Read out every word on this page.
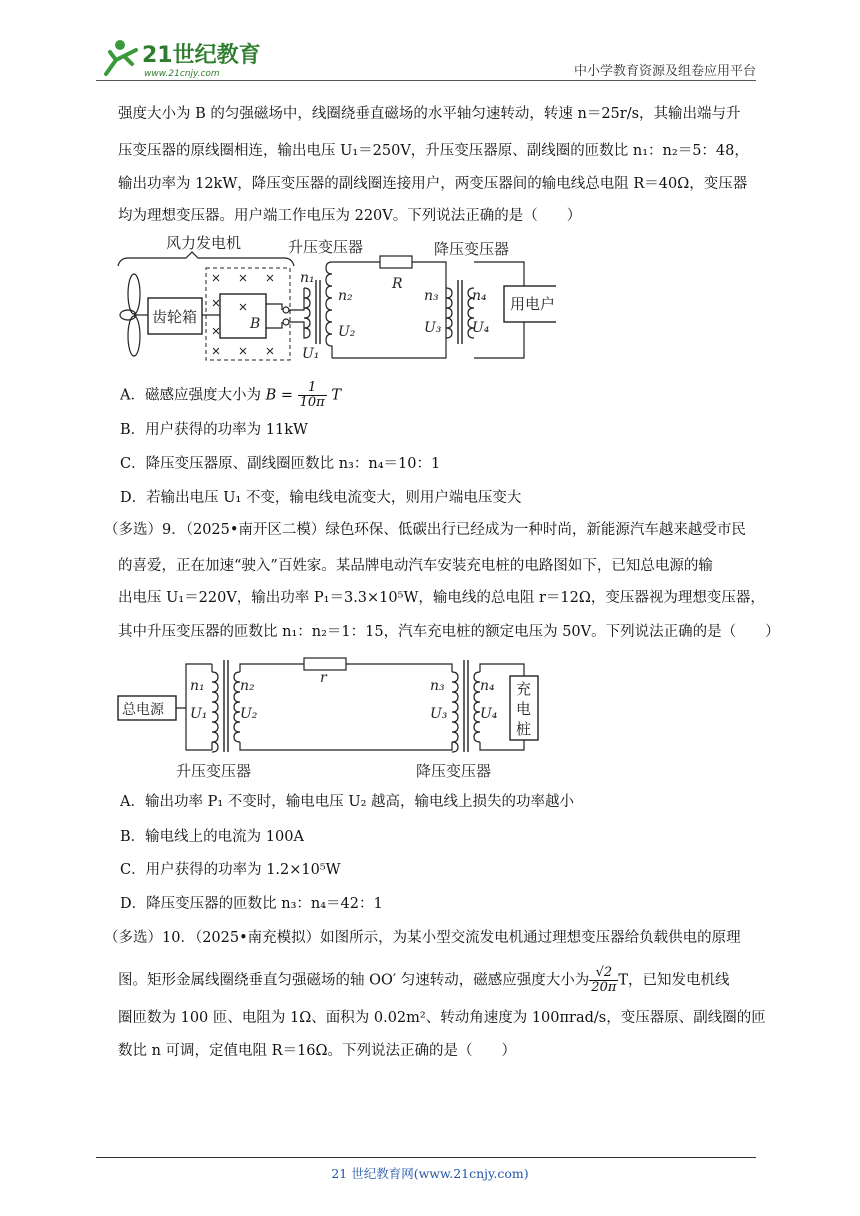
21世纪教育
www.21cnjy.com	中小学教育资源及组卷应用平台
强度大小为 B 的匀强磁场中，线圈绕垂直磁场的水平轴匀速转动，转速 n＝25r/s，其输出端与升
压变压器的原线圈相连，输出电压 U₁＝250V，升压变压器原、副线圈的匝数比 n₁：n₂＝5：48，
输出功率为 12kW，降压变压器的副线圈连接用户，两变压器间的输电线总电阻 R＝40Ω，变压器
均为理想变压器。用户端工作电压为 220V。下列说法正确的是（　　）
风力发电机	升压变压器	降压变压器
齿轮箱	B
n₁
U₁
n₂
U₂
R
n₃
U₃
n₄
U₄
用电户
A．磁感应强度大小为 $B = \frac{1}{10\pi}$ T
B．用户获得的功率为 11kW
C．降压变压器原、副线圈匝数比 n₃：n₄＝10：1
D．若输出电压 U₁ 不变，输电线电流变大，则用户端电压变大
（多选）9．（2025•南开区二模）绿色环保、低碳出行已经成为一种时尚，新能源汽车越来越受市民
的喜爱，正在加速“驶入”百姓家。某品牌电动汽车安装充电桩的电路图如下，已知总电源的输
出电压 U₁＝220V，输出功率 P₁＝3.3×10⁵W，输电线的总电阻 r＝12Ω，变压器视为理想变压器，
其中升压变压器的匝数比 n₁：n₂＝1：15，汽车充电桩的额定电压为 50V。下列说法正确的是（　　）
总电源
n₁
U₁
n₂
U₂
r	n₃
U₃
n₄
U₄
充
电
桩
升压变压器	降压变压器
A．输出功率 P₁ 不变时，输电电压 U₂ 越高，输电线上损失的功率越小
B．输电线上的电流为 100A
C．用户获得的功率为 1.2×10⁵W
D．降压变压器的匝数比 n₃：n₄＝42：1
（多选）10．（2025•南充模拟）如图所示，为某小型交流发电机通过理想变压器给负载供电的原理
图。矩形金属线圈绕垂直匀强磁场的轴 OO′ 匀速转动，磁感应强度大小为 $\frac{√2}{20\pi}$ T，已知发电机线
圈匝数为 100 匝、电阻为 1Ω、面积为 0.02m²、转动角速度为 100πrad/s，变压器原、副线圈的匝
数比 n 可调，定值电阻 R＝16Ω。下列说法正确的是（　　）
21 世纪教育网(www.21cnjy.com)
